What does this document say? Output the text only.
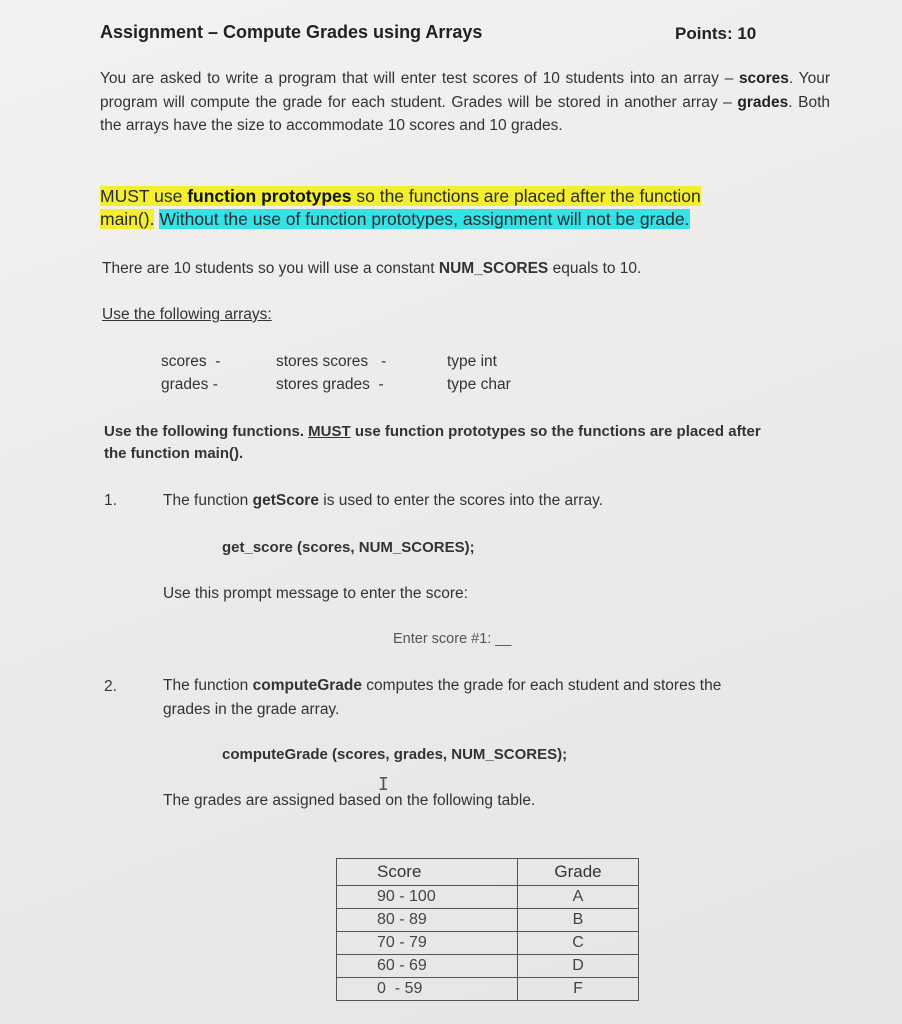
Assignment – Compute Grades using Arrays	Points: 10
You are asked to write a program that will enter test scores of 10 students into an array – scores. Your program will compute the grade for each student. Grades will be stored in another array – grades. Both the arrays have the size to accommodate 10 scores and 10 grades.
MUST use function prototypes so the functions are placed after the function
main(). Without the use of function prototypes, assignment will not be grade.
There are 10 students so you will use a constant NUM_SCORES equals to 10.
Use the following arrays:
scores  -	stores scores   -	type int
grades -	stores grades  -	type char
Use the following functions. MUST use function prototypes so the functions are placed after
the function main().
1.	The function getScore is used to enter the scores into the array.
get_score (scores, NUM_SCORES);
Use this prompt message to enter the score:
Enter score #1: __
2.	The function computeGrade computes the grade for each student and stores the
grades in the grade array.
computeGrade (scores, grades, NUM_SCORES);
I
The grades are assigned based on the following table.
Score	Grade
90 - 100	A
80 - 89	B
70 - 79	C
60 - 69	D
0  - 59	F
